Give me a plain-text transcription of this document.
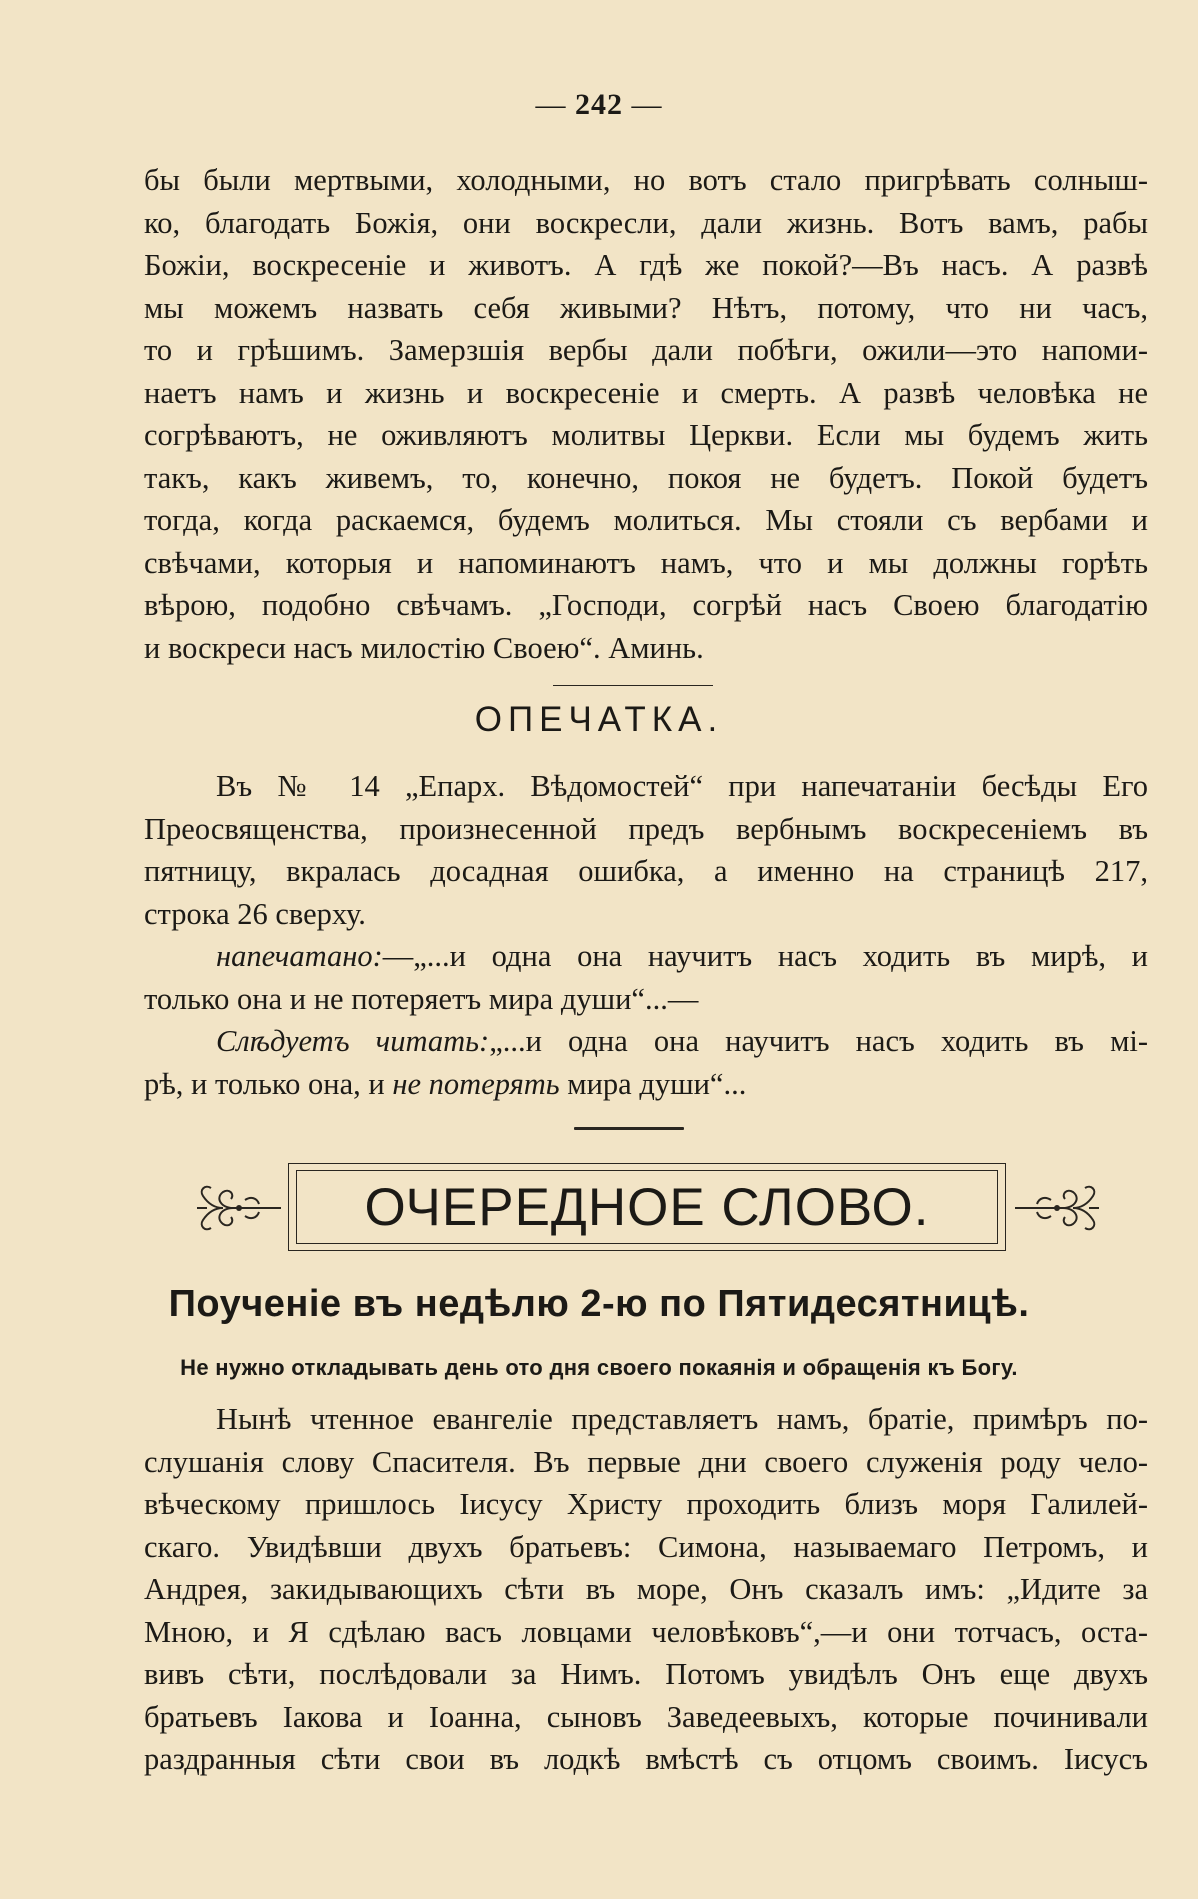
— 242 —
бы были мертвыми, холодными, но вотъ стало пригрѣвать солныш-
ко, благодать Божія, они воскресли, дали жизнь. Вотъ вамъ, рабы
Божіи, воскресеніе и животъ. А гдѣ же покой?—Въ насъ. А развѣ
мы можемъ назвать себя живыми? Нѣтъ, потому, что ни часъ,
то и грѣшимъ. Замерзшія вербы дали побѣги, ожили—это напоми-
наетъ намъ и жизнь и воскресеніе и смерть. А развѣ человѣка не
согрѣваютъ, не оживляютъ молитвы Церкви. Если мы будемъ жить
такъ, какъ живемъ, то, конечно, покоя не будетъ. Покой будетъ
тогда, когда раскаемся, будемъ молиться. Мы стояли съ вербами и
свѣчами, которыя и напоминаютъ намъ, что и мы должны горѣть
вѣрою, подобно свѣчамъ. „Господи, согрѣй насъ Своею благодатію
и воскреси насъ милостію Своею“. Аминь.
ОПЕЧАТКА.
Въ № 14 „Епарх. Вѣдомостей“ при напечатаніи бесѣды Его
Преосвященства, произнесенной предъ вербнымъ воскресеніемъ въ
пятницу, вкралась досадная ошибка, а именно на страницѣ 217,
строка 26 сверху.
напечатано:—„...и одна она научитъ насъ ходить въ мирѣ, и
только она и не потеряетъ мира души“...—
Слѣдуетъ читать:„...и одна она научитъ насъ ходить въ мі-
рѣ, и только она, и не потерять мира души“...
ОЧЕРЕДНОЕ СЛОВО.
Поученіе въ недѣлю 2-ю по Пятидесятницѣ.
Не нужно откладывать день ото дня своего покаянія и обращенія къ Богу.
Нынѣ чтенное евангеліе представляетъ намъ, братіе, примѣръ по-
слушанія слову Спасителя. Въ первые дни своего служенія роду чело-
вѣческому пришлось Іисусу Христу проходить близъ моря Галилей-
скаго. Увидѣвши двухъ братьевъ: Симона, называемаго Петромъ, и
Андрея, закидывающихъ сѣти въ море, Онъ сказалъ имъ: „Идите за
Мною, и Я сдѣлаю васъ ловцами человѣковъ“,—и они тотчасъ, оста-
вивъ сѣти, послѣдовали за Нимъ. Потомъ увидѣлъ Онъ еще двухъ
братьевъ Іакова и Іоанна, сыновъ Заведеевыхъ, которые починивали
раздранныя сѣти свои въ лодкѣ вмѣстѣ съ отцомъ своимъ. Іисусъ
